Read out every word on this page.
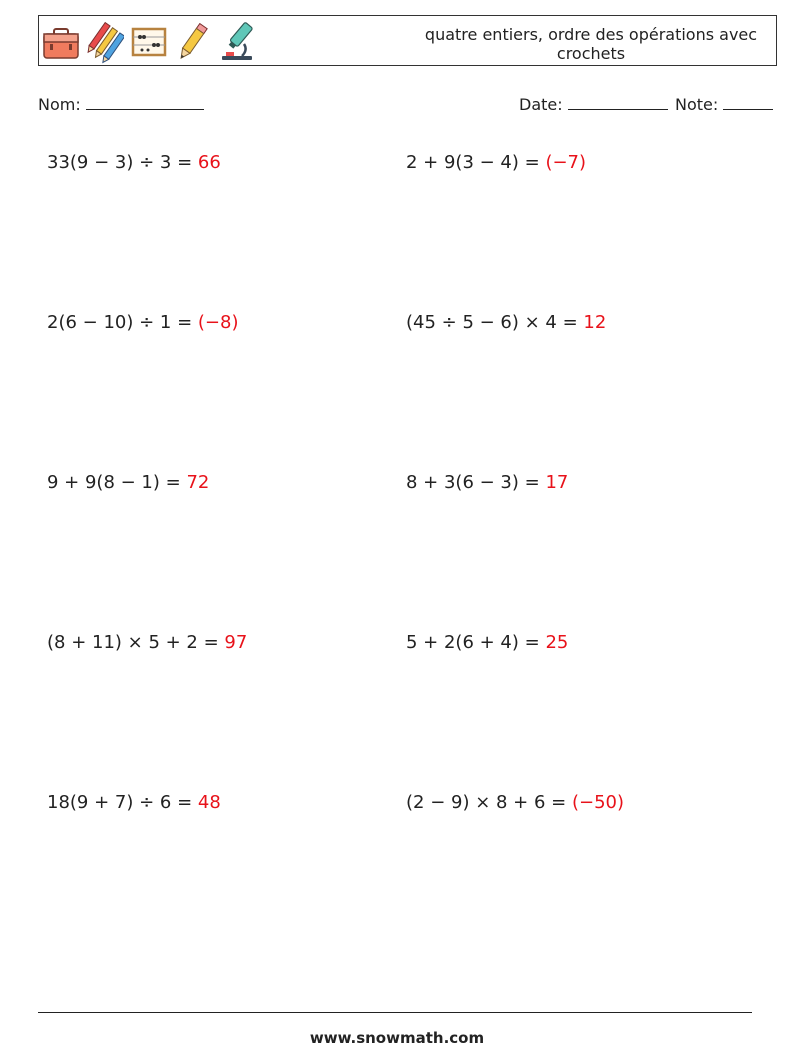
quatre entiers, ordre des opérations avec crochets
Nom:	Date:	Note:
33(9 − 3) ÷ 3 = 66	2 + 9(3 − 4) = (−7)
2(6 − 10) ÷ 1 = (−8)	(45 ÷ 5 − 6) × 4 = 12
9 + 9(8 − 1) = 72	8 + 3(6 − 3) = 17
(8 + 11) × 5 + 2 = 97	5 + 2(6 + 4) = 25
18(9 + 7) ÷ 6 = 48	(2 − 9) × 8 + 6 = (−50)
www.snowmath.com
